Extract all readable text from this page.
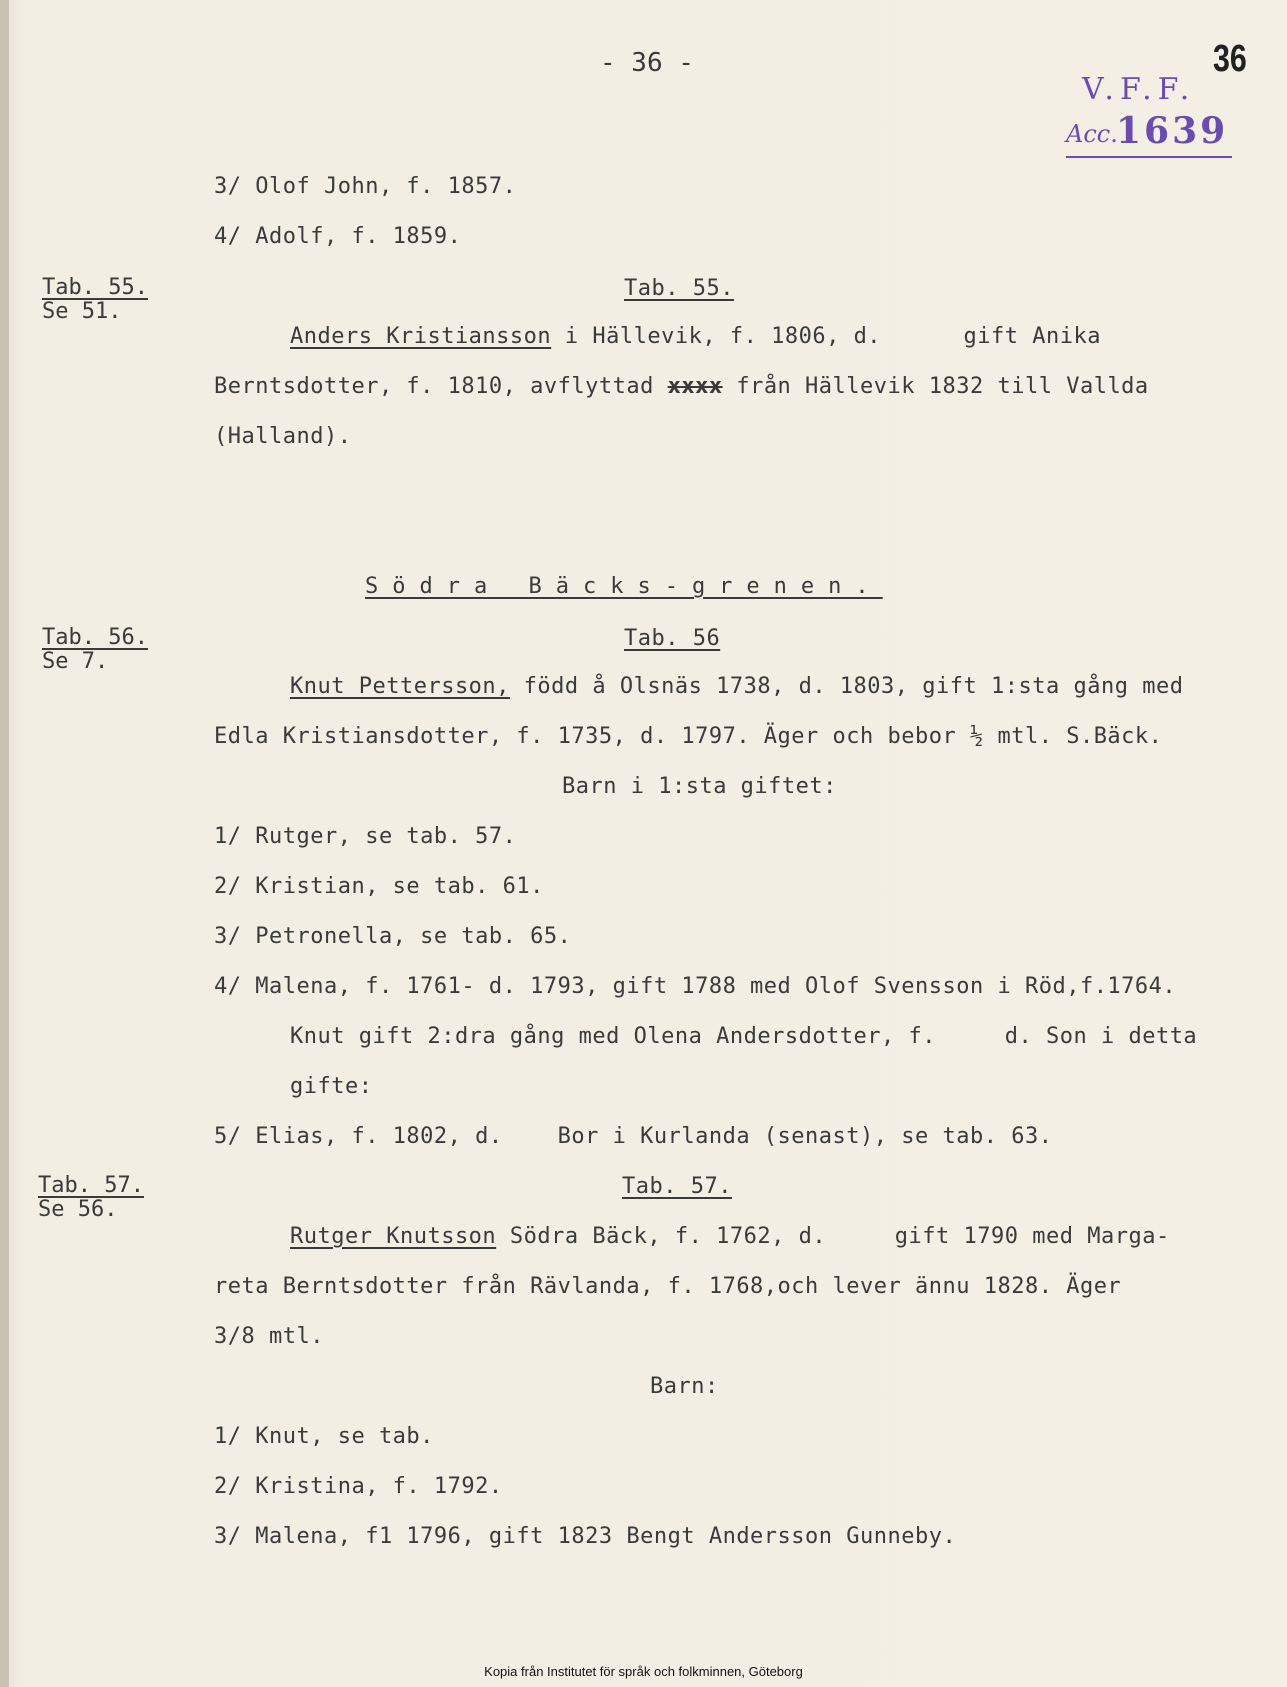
- 36 -	36
V.F.F.
Acc.
1639
3/ Olof John, f. 1857.
4/ Adolf, f. 1859.
Tab. 55.
Se 51.
Tab. 55.
Anders Kristiansson i Hällevik, f. 1806, d.      gift Anika
Berntsdotter, f. 1810, avflyttad xxxx från Hällevik 1832 till Vallda
(Halland).
Södra Bäcks-grenen.
Tab. 56.
Se 7.
Tab. 56
Knut Pettersson, född å Olsnäs 1738, d. 1803, gift 1:sta gång med
Edla Kristiansdotter, f. 1735, d. 1797. Äger och bebor ½ mtl. S.Bäck.
Barn i 1:sta giftet:
1/ Rutger, se tab. 57.
2/ Kristian, se tab. 61.
3/ Petronella, se tab. 65.
4/ Malena, f. 1761- d. 1793, gift 1788 med Olof Svensson i Röd,f.1764.
Knut gift 2:dra gång med Olena Andersdotter, f.     d. Son i detta
gifte:
5/ Elias, f. 1802, d.    Bor i Kurlanda (senast), se tab. 63.
Tab. 57.
Se 56.
Tab. 57.
Rutger Knutsson Södra Bäck, f. 1762, d.     gift 1790 med Marga-
reta Berntsdotter från Rävlanda, f. 1768,och lever ännu 1828. Äger
3/8 mtl.
Barn:
1/ Knut, se tab.
2/ Kristina, f. 1792.
3/ Malena, f1 1796, gift 1823 Bengt Andersson Gunneby.
Kopia från Institutet för språk och folkminnen, Göteborg
